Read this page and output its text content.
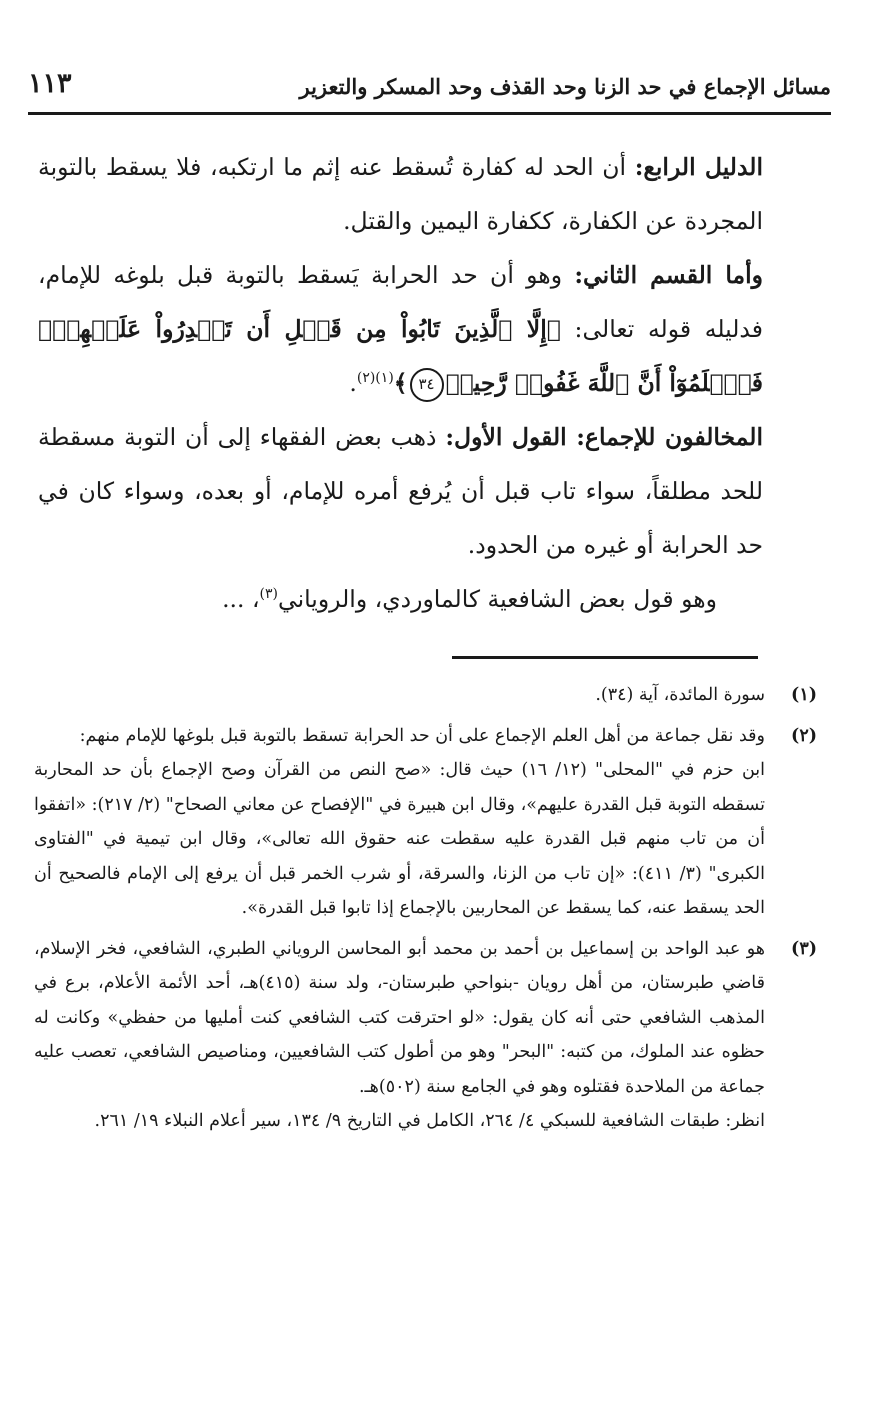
مسائل الإجماع في حد الزنا وحد القذف وحد المسكر والتعزير
١١٣

الدليل الرابع: أن الحد له كفارة تُسقط عنه إثم ما ارتكبه، فلا يسقط بالتوبة المجردة عن الكفارة، ككفارة اليمين والقتل.

وأما القسم الثاني: وهو أن حد الحرابة يَسقط بالتوبة قبل بلوغه للإمام، فدليله قوله تعالى: ﴿إِلَّا ٱلَّذِينَ تَابُواْ مِن قَبۡلِ أَن تَقۡدِرُواْ عَلَيۡهِمۡۖ فَٱعۡلَمُوٓاْ أَنَّ ٱللَّهَ غَفُورٞ رَّحِيمٞ٣٤﴾$^{(١)(٢)}$.

المخالفون للإجماع: القول الأول: ذهب بعض الفقهاء إلى أن التوبة مسقطة للحد مطلقاً، سواء تاب قبل أن يُرفع أمره للإمام، أو بعده، وسواء كان في حد الحرابة أو غيره من الحدود.

وهو قول بعض الشافعية كالماوردي، والروياني$^{(٣)}$، ...

(١)
سورة المائدة، آية (٣٤).
(٢)
وقد نقل جماعة من أهل العلم الإجماع على أن حد الحرابة تسقط بالتوبة قبل بلوغها للإمام منهم:
ابن حزم في "المحلى" (١٢/ ١٦) حيث قال: «صح النص من القرآن وصح الإجماع بأن حد المحاربة تسقطه التوبة قبل القدرة عليهم»، وقال ابن هبيرة في "الإفصاح عن معاني الصحاح" (٢/ ٢١٧): «اتفقوا أن من تاب منهم قبل القدرة عليه سقطت عنه حقوق الله تعالى»، وقال ابن تيمية في "الفتاوى الكبرى" (٣/ ٤١١): «إن تاب من الزنا، والسرقة، أو شرب الخمر قبل أن يرفع إلى الإمام فالصحيح أن الحد يسقط عنه، كما يسقط عن المحاربين بالإجماع إذا تابوا قبل القدرة».
(٣)
هو عبد الواحد بن إسماعيل بن أحمد بن محمد أبو المحاسن الروياني الطبري، الشافعي، فخر الإسلام، قاضي طبرستان، من أهل رويان -بنواحي طبرستان-، ولد سنة (٤١٥)هـ، أحد الأئمة الأعلام، برع في المذهب الشافعي حتى أنه كان يقول: «لو احترقت كتب الشافعي كنت أمليها من حفظي» وكانت له حظوه عند الملوك، من كتبه: "البحر" وهو من أطول كتب الشافعيين، ومناصيص الشافعي، تعصب عليه جماعة من الملاحدة فقتلوه وهو في الجامع سنة (٥٠٢)هـ.
انظر: طبقات الشافعية للسبكي ٤/ ٢٦٤، الكامل في التاريخ ٩/ ١٣٤، سير أعلام النبلاء ١٩/ ٢٦١.
